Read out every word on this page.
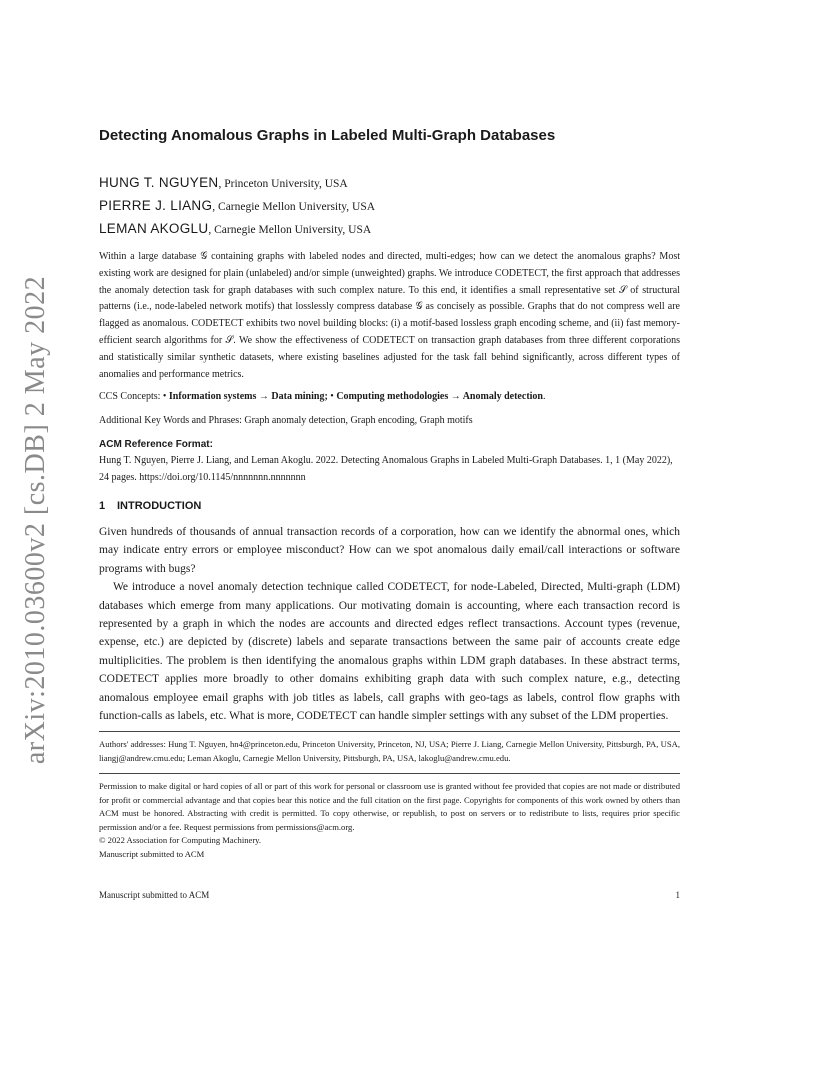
arXiv:2010.03600v2 [cs.DB] 2 May 2022
Detecting Anomalous Graphs in Labeled Multi-Graph Databases
HUNG T. NGUYEN, Princeton University, USA
PIERRE J. LIANG, Carnegie Mellon University, USA
LEMAN AKOGLU, Carnegie Mellon University, USA

Within a large database 𝒢 containing graphs with labeled nodes and directed, multi-edges; how can we detect the anomalous graphs? Most existing work are designed for plain (unlabeled) and/or simple (unweighted) graphs. We introduce CODETECT, the first approach that addresses the anomaly detection task for graph databases with such complex nature. To this end, it identifies a small representative set 𝒮 of structural patterns (i.e., node-labeled network motifs) that losslessly compress database 𝒢 as concisely as possible. Graphs that do not compress well are flagged as anomalous. CODETECT exhibits two novel building blocks: (i) a motif-based lossless graph encoding scheme, and (ii) fast memory-efficient search algorithms for 𝒮. We show the effectiveness of CODETECT on transaction graph databases from three different corporations and statistically similar synthetic datasets, where existing baselines adjusted for the task fall behind significantly, across different types of anomalies and performance metrics.

CCS Concepts: • Information systems → Data mining; • Computing methodologies → Anomaly detection.

Additional Key Words and Phrases: Graph anomaly detection, Graph encoding, Graph motifs

ACM Reference Format:

Hung T. Nguyen, Pierre J. Liang, and Leman Akoglu. 2022. Detecting Anomalous Graphs in Labeled Multi-Graph Databases. 1, 1 (May 2022), 24 pages. https://doi.org/10.1145/nnnnnnn.nnnnnnn

1 INTRODUCTION

Given hundreds of thousands of annual transaction records of a corporation, how can we identify the abnormal ones, which may indicate entry errors or employee misconduct? How can we spot anomalous daily email/call interactions or software programs with bugs?

We introduce a novel anomaly detection technique called CODETECT, for node-Labeled, Directed, Multi-graph (LDM) databases which emerge from many applications. Our motivating domain is accounting, where each transaction record is represented by a graph in which the nodes are accounts and directed edges reflect transactions. Account types (revenue, expense, etc.) are depicted by (discrete) labels and separate transactions between the same pair of accounts create edge multiplicities. The problem is then identifying the anomalous graphs within LDM graph databases. In these abstract terms, CODETECT applies more broadly to other domains exhibiting graph data with such complex nature, e.g., detecting anomalous employee email graphs with job titles as labels, call graphs with geo-tags as labels, control flow graphs with function-calls as labels, etc. What is more, CODETECT can handle simpler settings with any subset of the LDM properties.

Authors' addresses: Hung T. Nguyen, hn4@princeton.edu, Princeton University, Princeton, NJ, USA; Pierre J. Liang, Carnegie Mellon University, Pittsburgh, PA, USA, liangj@andrew.cmu.edu; Leman Akoglu, Carnegie Mellon University, Pittsburgh, PA, USA, lakoglu@andrew.cmu.edu.

Permission to make digital or hard copies of all or part of this work for personal or classroom use is granted without fee provided that copies are not made or distributed for profit or commercial advantage and that copies bear this notice and the full citation on the first page. Copyrights for components of this work owned by others than ACM must be honored. Abstracting with credit is permitted. To copy otherwise, or republish, to post on servers or to redistribute to lists, requires prior specific permission and/or a fee. Request permissions from permissions@acm.org.

© 2022 Association for Computing Machinery.

Manuscript submitted to ACM

Manuscript submitted to ACM	1
